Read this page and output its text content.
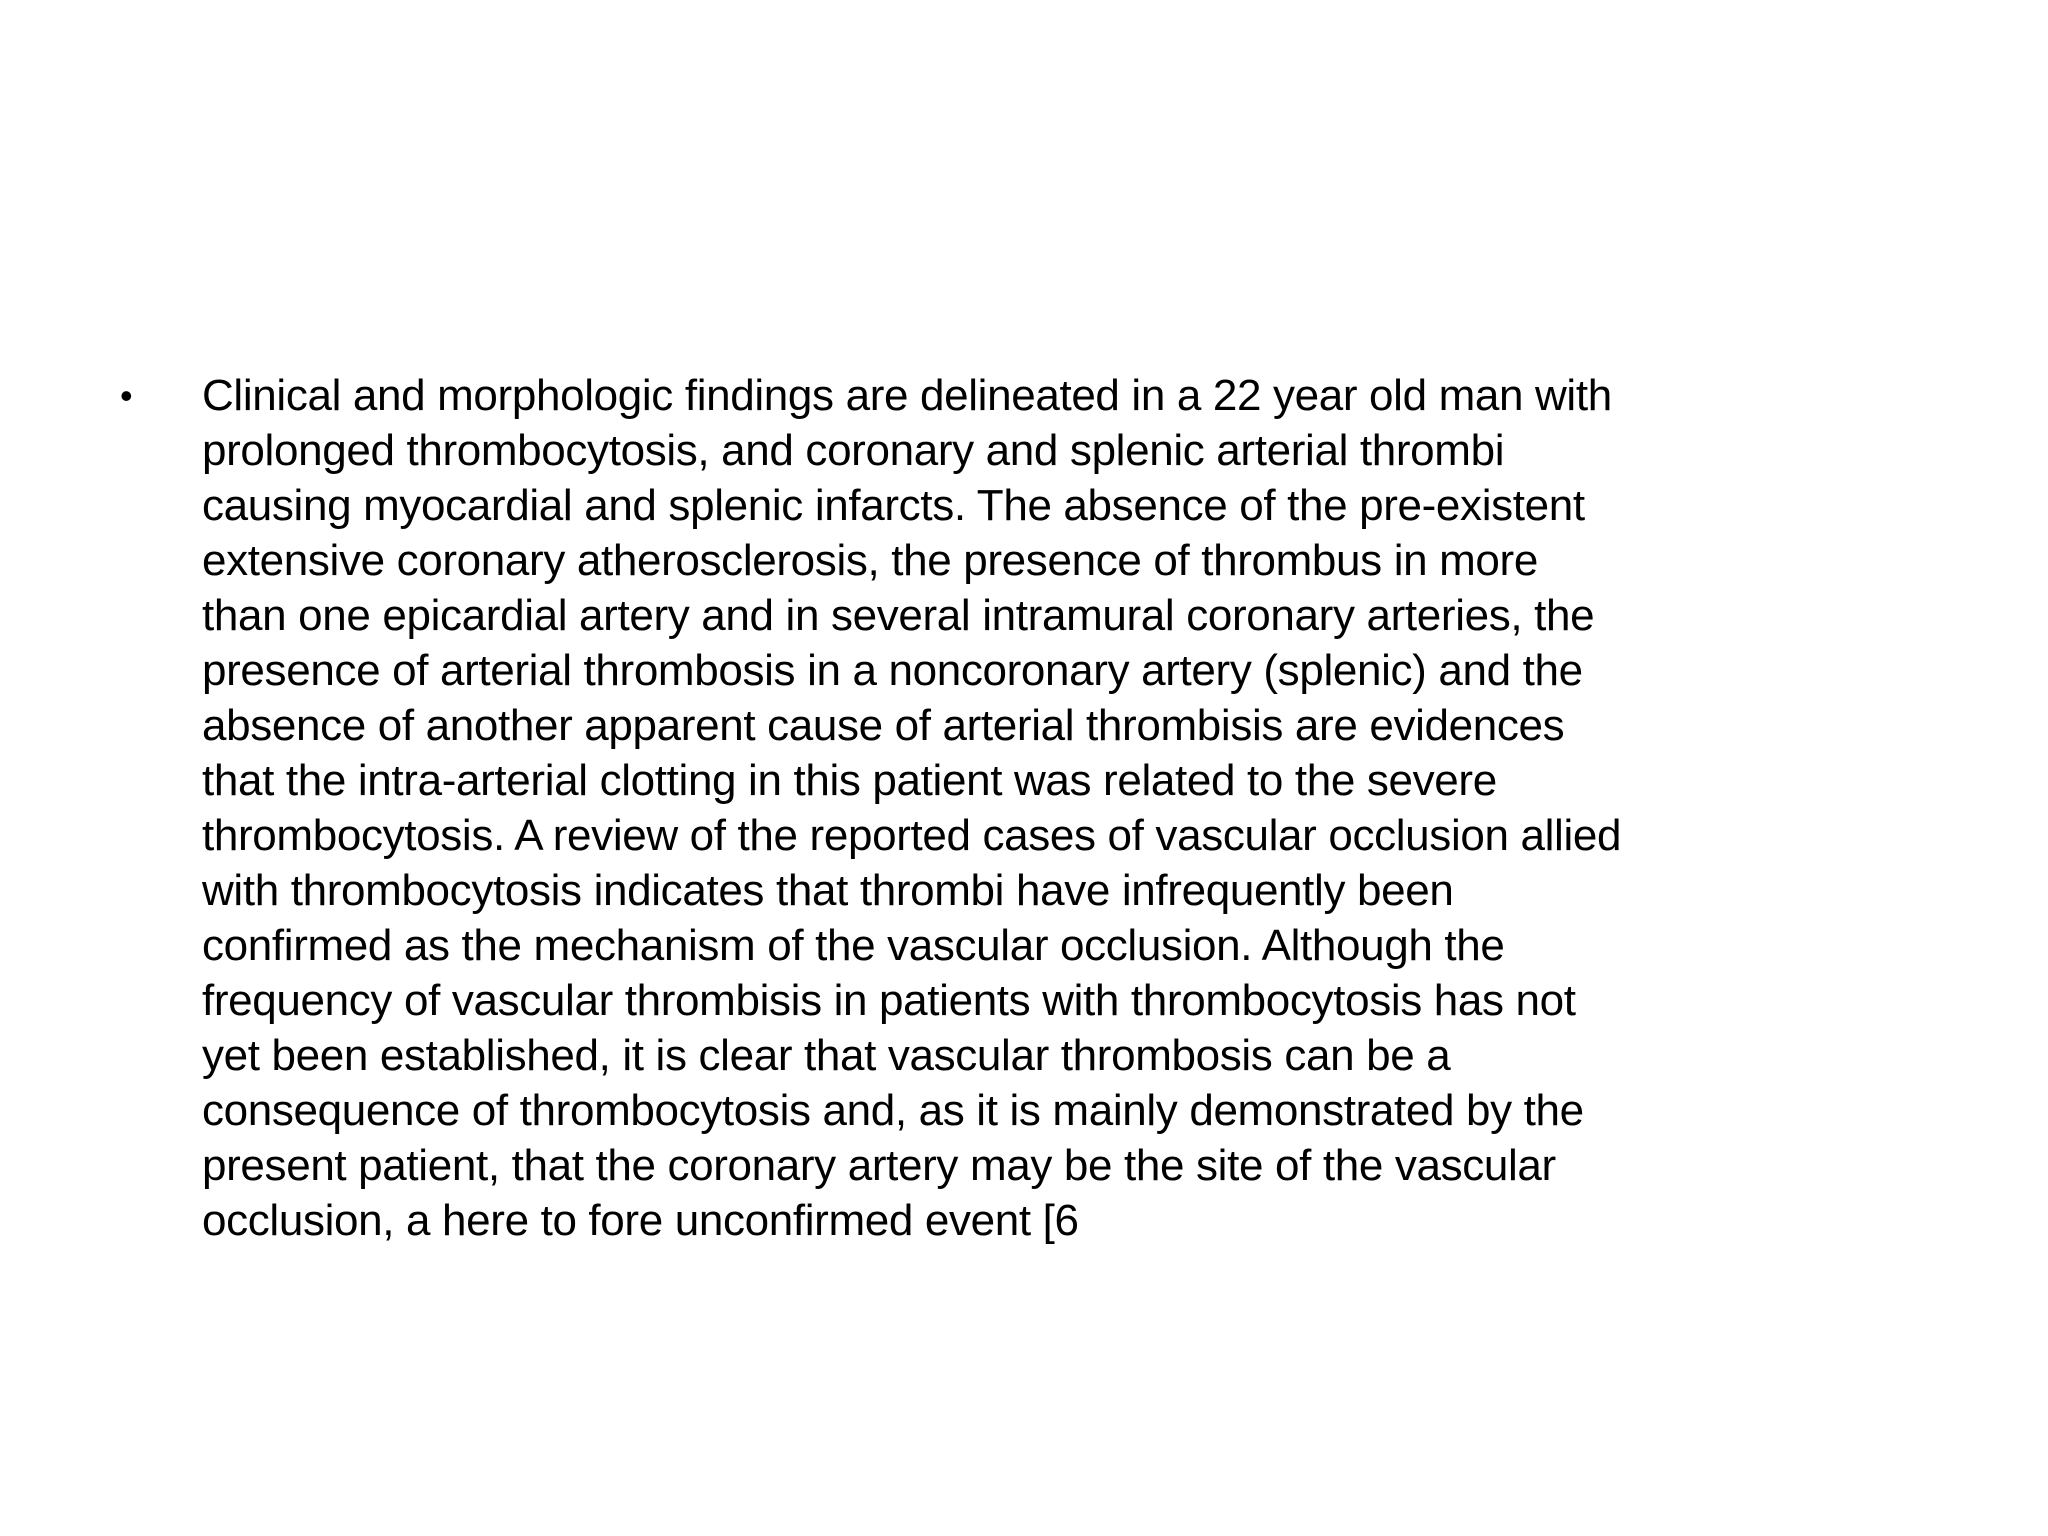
•	Clinical and morphologic findings are delineated in a 22 year old man with
prolonged thrombocytosis, and coronary and splenic arterial thrombi
causing myocardial and splenic infarcts. The absence of the pre-existent
extensive coronary atherosclerosis, the presence of thrombus in more
than one epicardial artery and in several intramural coronary arteries, the
presence of arterial thrombosis in a noncoronary artery (splenic) and the
absence of another apparent cause of arterial thrombisis are evidences
that the intra-arterial clotting in this patient was related to the severe
thrombocytosis. A review of the reported cases of vascular occlusion allied
with thrombocytosis indicates that thrombi have infrequently been
confirmed as the mechanism of the vascular occlusion. Although the
frequency of vascular thrombisis in patients with thrombocytosis has not
yet been established, it is clear that vascular thrombosis can be a
consequence of thrombocytosis and, as it is mainly demonstrated by the
present patient, that the coronary artery may be the site of the vascular
occlusion, a here to fore unconfirmed event [6
